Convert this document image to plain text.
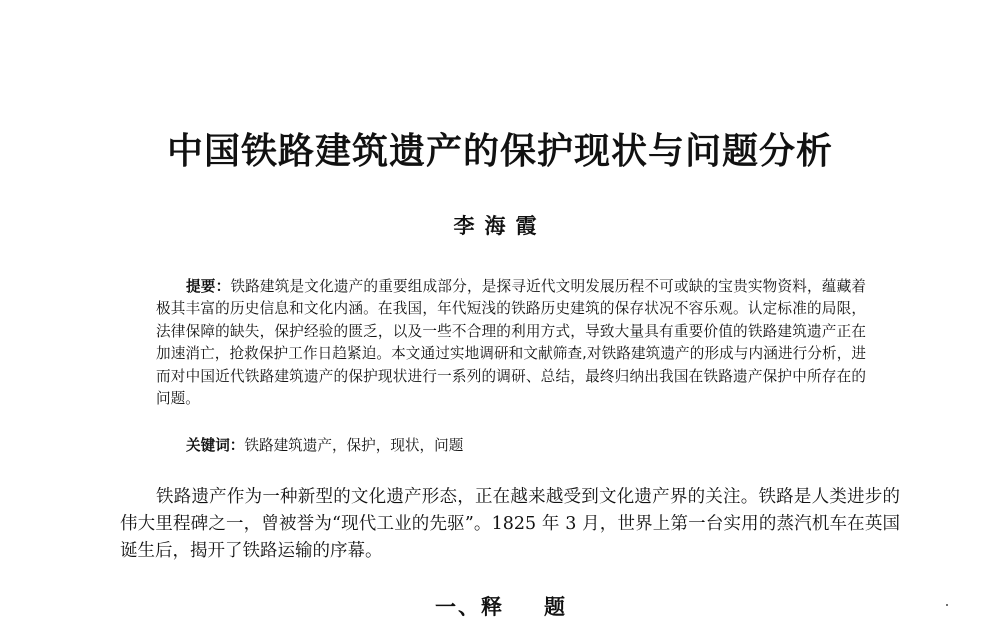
中国铁路建筑遗产的保护现状与问题分析
李海霞

提要：铁路建筑是文化遗产的重要组成部分，是探寻近代文明发展历程不可或缺的宝贵实物资料，蕴藏着极其丰富的历史信息和文化内涵。在我国，年代短浅的铁路历史建筑的保存状况不容乐观。认定标准的局限，法律保障的缺失，保护经验的匮乏，以及一些不合理的利用方式，导致大量具有重要价值的铁路建筑遗产正在加速消亡，抢救保护工作日趋紧迫。本文通过实地调研和文献筛查,对铁路建筑遗产的形成与内涵进行分析，进而对中国近代铁路建筑遗产的保护现状进行一系列的调研、总结，最终归纳出我国在铁路遗产保护中所存在的问题。

关键词：铁路建筑遗产，保护，现状，问题

铁路遗产作为一种新型的文化遗产形态，正在越来越受到文化遗产界的关注。铁路是人类进步的伟大里程碑之一，曾被誉为“现代工业的先驱”。1825 年 3 月，世界上第一台实用的蒸汽机车在英国诞生后，揭开了铁路运输的序幕。

一、释 题
